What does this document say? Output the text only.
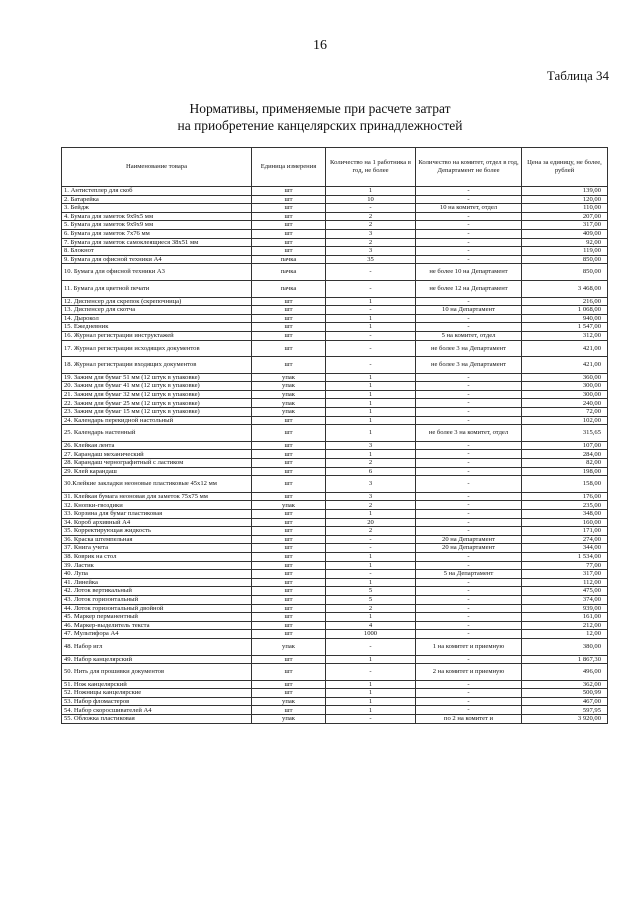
16
Таблица 34
Нормативы, применяемые при расчете затрат
на приобретение канцелярских принадлежностей
Наименование товара	Единица измерения	Количество на 1 работника в год, не более	Количество на комитет, отдел в год, Департамент не более	Цена за единицу, не более, рублей
1. Антистеплер для скоб	шт	1	-	139,00
2. Батарейка	шт	10	-	120,00
3. Бейдж	шт	-	10 на комитет, отдел	110,00
4. Бумага для заметок 9х9х5 мм	шт	2	-	207,00
5. Бумага для заметок 9х9х9 мм	шт	2	-	317,00
6. Бумага для заметок 7х76 мм	шт	3	-	409,00
7. Бумага для заметок самоклеящиеся 38х51 мм	шт	2	-	92,00
8. Блокнот	шт	3	-	119,00
9. Бумага для офисной техники А4	пачка	35	-	850,00
10. Бумага для офисной техники А3	пачка	-	не более 10 на Департамент	850,00
11. Бумага для цветной печати	пачка	-	не более 12 на Департамент	3 468,00
12. Диспенсер для скрепок (скрепочница)	шт	1	-	216,00
13. Диспенсер для скотча	шт	-	10 на Департамент	1 068,00
14. Дырокол	шт	1	-	940,00
15. Ежедневник	шт	1	-	1 547,00
16. Журнал регистрации инструктажей	шт	-	5 на комитет, отдел	312,00
17. Журнал регистрации исходящих документов	шт	-	не более 3 на Департамент	421,00
18. Журнал регистрации входящих документов	шт	-	не более 3 на Департамент	421,00
19. Зажим для бумаг 51 мм (12 штук в упаковке)	упак	1	-	360,00
20. Зажим для бумаг 41 мм (12 штук в упаковке)	упак	1	-	300,00
21. Зажим для бумаг 32 мм (12 штук в упаковке)	упак	1	-	300,00
22. Зажим для бумаг 25 мм (12 штук в упаковке)	упак	1	-	240,00
23. Зажим для бумаг 15 мм (12 штук в упаковке)	упак	1	-	72,00
24. Календарь перекидной настольный	шт	1	-	102,00
25. Календарь настенный	шт	1	не более 3 на комитет, отдел	315,65
26. Клейкая лента	шт	3	-	107,00
27. Карандаш механический	шт	1	-	284,00
28. Карандаш чернографитный с ластиком	шт	2	-	82,00
29. Клей карандаш	шт	6	-	198,00
30.Клейкие закладки неоновые пластиковые 45х12 мм	шт	3	-	158,00
31. Клейкая бумага неоновая для заметок 75х75 мм	шт	3	-	176,00
32. Кнопки-гвоздики	упак	2	-	235,00
33. Корзина для бумаг пластиковая	шт	1	-	348,00
34. Короб архивный А4	шт	20	-	160,00
35. Корректирующая жидкость	шт	2	-	171,00
36. Краска штемпельная	шт	-	20 на Департамент	274,00
37. Книга учета	шт	-	20 на Департамент	344,00
38. Коврик на стол	шт	1	-	1 534,00
39. Ластик	шт	1	-	77,00
40. Лупа	шт	-	5 на Департамент	317,00
41. Линейка	шт	1	-	112,00
42. Лоток вертикальный	шт	5	-	475,00
43. Лоток горизонтальный	шт	5	-	374,00
44. Лоток горизонтальный двойной	шт	2	-	939,00
45. Маркер перманентный	шт	1	-	161,00
46. Маркер-выделитель текста	шт	4	-	212,00
47. Мультифора А4	шт	1000	-	12,00
48. Набор игл	упак	-	1 на комитет и приемную	380,00
49. Набор канцелярский	шт	1	-	1 867,30
50. Нить для прошивки документов	шт	-	2 на комитет и приемную	496,00
51. Нож канцелярский	шт	1	-	362,00
52. Ножницы канцелярские	шт	1	-	500,99
53. Набор фломастеров	упак	1	-	467,00
54. Набор скоросшивателей А4	шт	1	-	597,95
55. Обложка пластиковая	упак	-	по 2 на комитет и	3 920,00
